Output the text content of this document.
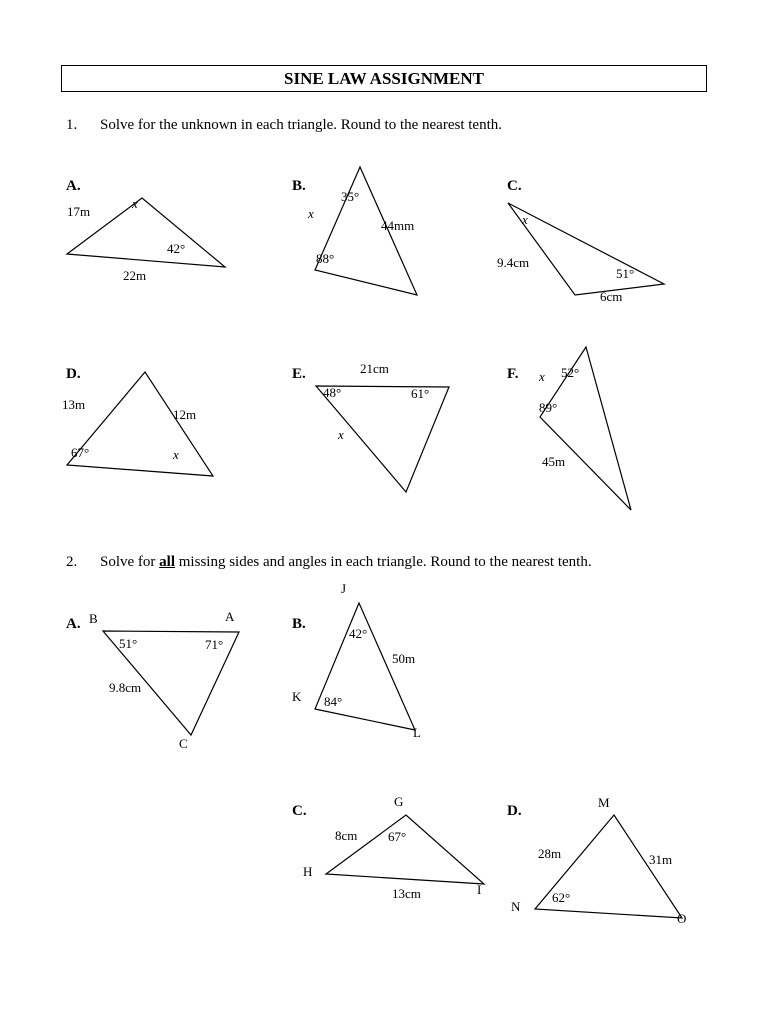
SINE LAW ASSIGNMENT
1. Solve for the unknown in each triangle. Round to the nearest tenth.
2. Solve for all missing sides and angles in each triangle. Round to the nearest tenth.
A.	B.	C.
D.	E.	F.
A.	B.
C.	D.
17m
x
42°
22m
35°
x
44mm
88°
x
9.4cm
51°
6cm
13m
12m
67°	x
21cm
48°	61°
x
x 52°
89°
45m
B	A
C
51°	71°
9.8cm
J
K
L
42°
50m
84°
G
H
I
8cm 67°
13cm
M
N
O
28m	31m
62°
